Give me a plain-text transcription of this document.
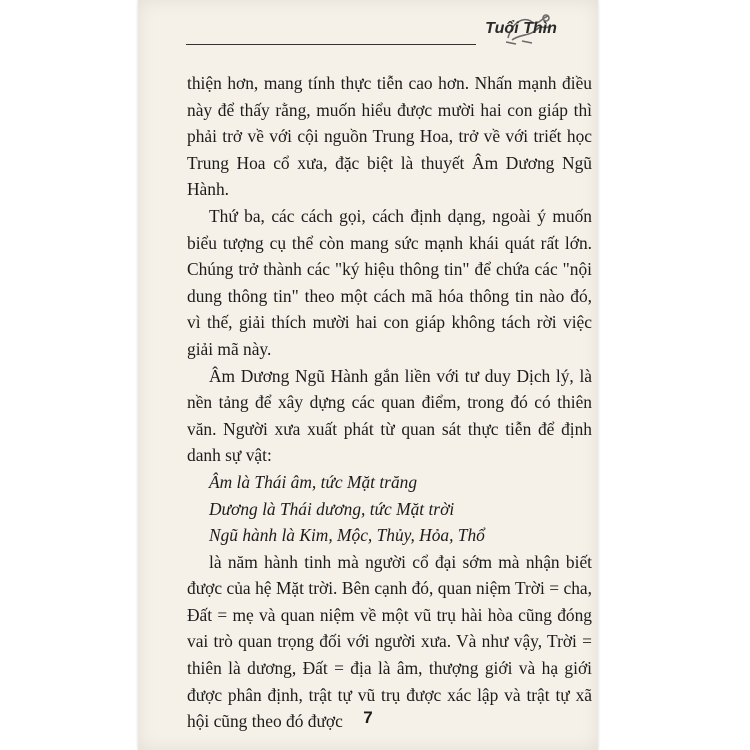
Tuổi Thìn

thiện hơn, mang tính thực tiễn cao hơn. Nhấn mạnh điều này để thấy rằng, muốn hiểu được mười hai con giáp thì phải trở về với cội nguồn Trung Hoa, trở về với triết học Trung Hoa cổ xưa, đặc biệt là thuyết Âm Dương Ngũ Hành.

Thứ ba, các cách gọi, cách định dạng, ngoài ý muốn biểu tượng cụ thể còn mang sức mạnh khái quát rất lớn. Chúng trở thành các "ký hiệu thông tin" để chứa các "nội dung thông tin" theo một cách mã hóa thông tin nào đó, vì thế, giải thích mười hai con giáp không tách rời việc giải mã này.

Âm Dương Ngũ Hành gắn liền với tư duy Dịch lý, là nền tảng để xây dựng các quan điểm, trong đó có thiên văn. Người xưa xuất phát từ quan sát thực tiễn để định danh sự vật:

Âm là Thái âm, tức Mặt trăng

Dương là Thái dương, tức Mặt trời

Ngũ hành là Kim, Mộc, Thủy, Hỏa, Thổ

là năm hành tinh mà người cổ đại sớm mà nhận biết được của hệ Mặt trời. Bên cạnh đó, quan niệm Trời = cha, Đất = mẹ và quan niệm về một vũ trụ hài hòa cũng đóng vai trò quan trọng đối với người xưa. Và như vậy, Trời = thiên là dương, Đất = địa là âm, thượng giới và hạ giới được phân định, trật tự vũ trụ được xác lập và trật tự xã hội cũng theo đó được	7
